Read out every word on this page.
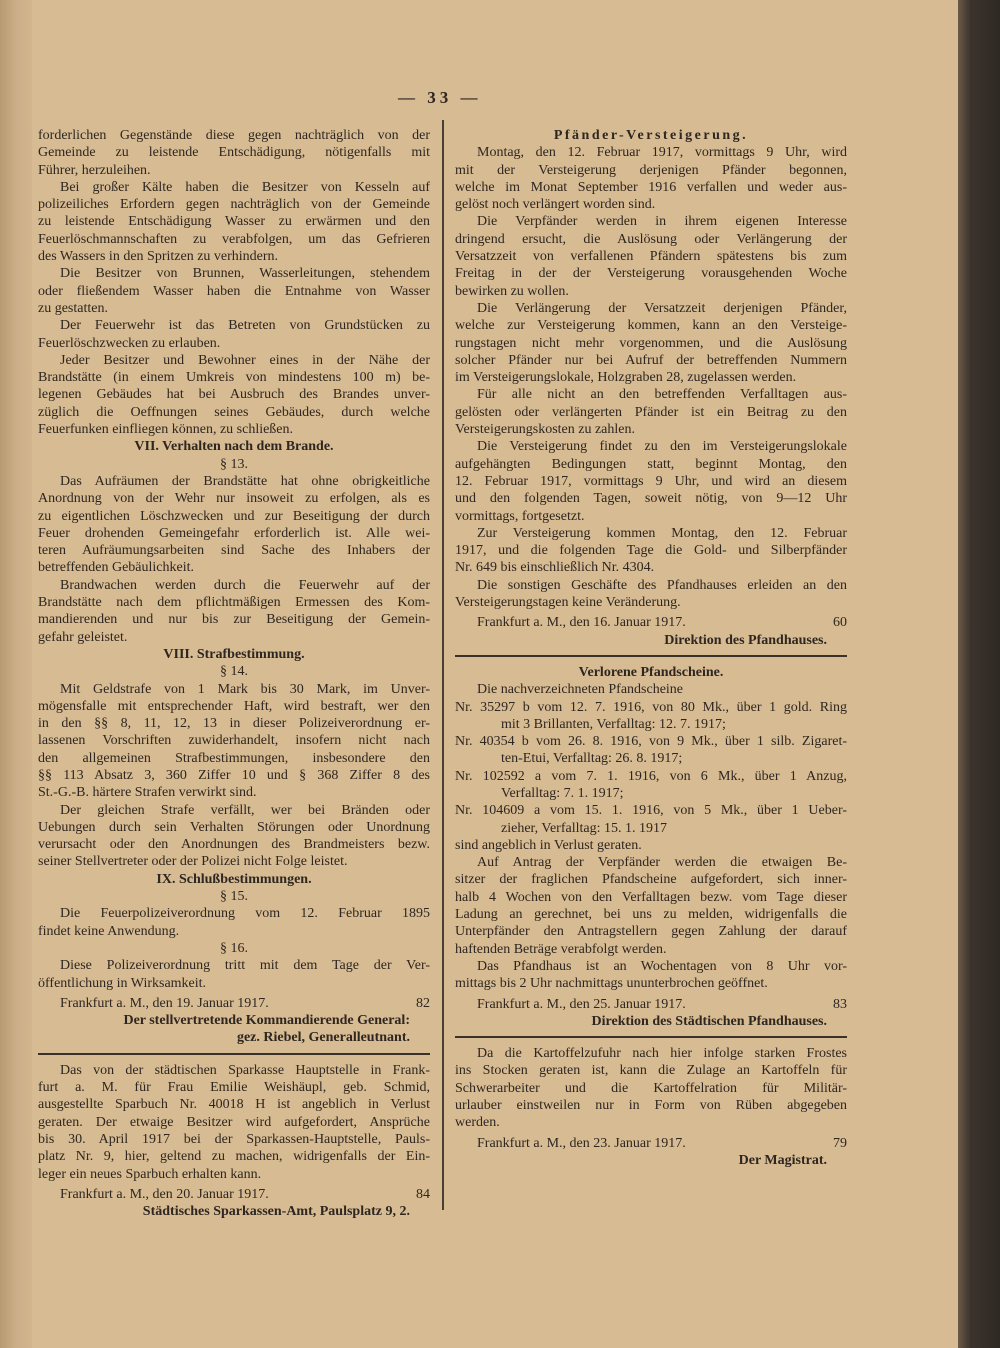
— 33 —
forderlichen Gegenstände diese gegen nachträglich von der
Gemeinde zu leistende Entschädigung, nötigenfalls mit
Führer, herzuleihen.
Bei großer Kälte haben die Besitzer von Kesseln auf
polizeiliches Erfordern gegen nachträglich von der Gemeinde
zu leistende Entschädigung Wasser zu erwärmen und den
Feuerlöschmannschaften zu verabfolgen, um das Gefrieren
des Wassers in den Spritzen zu verhindern.
Die Besitzer von Brunnen, Wasserleitungen, stehendem
oder fließendem Wasser haben die Entnahme von Wasser
zu gestatten.
Der Feuerwehr ist das Betreten von Grundstücken zu
Feuerlöschzwecken zu erlauben.
Jeder Besitzer und Bewohner eines in der Nähe der
Brandstätte (in einem Umkreis von mindestens 100 m) be-
legenen Gebäudes hat bei Ausbruch des Brandes unver-
züglich die Oeffnungen seines Gebäudes, durch welche
Feuerfunken einfliegen können, zu schließen.
VII. Verhalten nach dem Brande.
§ 13.
Das Aufräumen der Brandstätte hat ohne obrigkeitliche
Anordnung von der Wehr nur insoweit zu erfolgen, als es
zu eigentlichen Löschzwecken und zur Beseitigung der durch
Feuer drohenden Gemeingefahr erforderlich ist. Alle wei-
teren Aufräumungsarbeiten sind Sache des Inhabers der
betreffenden Gebäulichkeit.
Brandwachen werden durch die Feuerwehr auf der
Brandstätte nach dem pflichtmäßigen Ermessen des Kom-
mandierenden und nur bis zur Beseitigung der Gemein-
gefahr geleistet.
VIII. Strafbestimmung.
§ 14.
Mit Geldstrafe von 1 Mark bis 30 Mark, im Unver-
mögensfalle mit entsprechender Haft, wird bestraft, wer den
in den §§ 8, 11, 12, 13 in dieser Polizeiverordnung er-
lassenen Vorschriften zuwiderhandelt, insofern nicht nach
den allgemeinen Strafbestimmungen, insbesondere den
§§ 113 Absatz 3, 360 Ziffer 10 und § 368 Ziffer 8 des
St.-G.-B. härtere Strafen verwirkt sind.
Der gleichen Strafe verfällt, wer bei Bränden oder
Uebungen durch sein Verhalten Störungen oder Unordnung
verursacht oder den Anordnungen des Brandmeisters bezw.
seiner Stellvertreter oder der Polizei nicht Folge leistet.
IX. Schlußbestimmungen.
§ 15.
Die Feuerpolizeiverordnung vom 12. Februar 1895
findet keine Anwendung.
§ 16.
Diese Polizeiverordnung tritt mit dem Tage der Ver-
öffentlichung in Wirksamkeit.
Frankfurt a. M., den 19. Januar 1917.	82
Der stellvertretende Kommandierende General:
gez. Riebel, Generalleutnant.
Das von der städtischen Sparkasse Hauptstelle in Frank-
furt a. M. für Frau Emilie Weishäupl, geb. Schmid,
ausgestellte Sparbuch Nr. 40018 H ist angeblich in Verlust
geraten. Der etwaige Besitzer wird aufgefordert, Ansprüche
bis 30. April 1917 bei der Sparkassen-Hauptstelle, Pauls-
platz Nr. 9, hier, geltend zu machen, widrigenfalls der Ein-
leger ein neues Sparbuch erhalten kann.
Frankfurt a. M., den 20. Januar 1917.	84
Städtisches Sparkassen-Amt, Paulsplatz 9, 2.
Pfänder-Versteigerung.
Montag, den 12. Februar 1917, vormittags 9 Uhr, wird
mit der Versteigerung derjenigen Pfänder begonnen,
welche im Monat September 1916 verfallen und weder aus-
gelöst noch verlängert worden sind.
Die Verpfänder werden in ihrem eigenen Interesse
dringend ersucht, die Auslösung oder Verlängerung der
Versatzzeit von verfallenen Pfändern spätestens bis zum
Freitag in der der Versteigerung vorausgehenden Woche
bewirken zu wollen.
Die Verlängerung der Versatzzeit derjenigen Pfänder,
welche zur Versteigerung kommen, kann an den Versteige-
rungstagen nicht mehr vorgenommen, und die Auslösung
solcher Pfänder nur bei Aufruf der betreffenden Nummern
im Versteigerungslokale, Holzgraben 28, zugelassen werden.
Für alle nicht an den betreffenden Verfalltagen aus-
gelösten oder verlängerten Pfänder ist ein Beitrag zu den
Versteigerungskosten zu zahlen.
Die Versteigerung findet zu den im Versteigerungslokale
aufgehängten Bedingungen statt, beginnt Montag, den
12. Februar 1917, vormittags 9 Uhr, und wird an diesem
und den folgenden Tagen, soweit nötig, von 9—12 Uhr
vormittags, fortgesetzt.
Zur Versteigerung kommen Montag, den 12. Februar
1917, und die folgenden Tage die Gold- und Silberpfänder
Nr. 649 bis einschließlich Nr. 4304.
Die sonstigen Geschäfte des Pfandhauses erleiden an den
Versteigerungstagen keine Veränderung.
Frankfurt a. M., den 16. Januar 1917.	60
Direktion des Pfandhauses.
Verlorene Pfandscheine.
Die nachverzeichneten Pfandscheine
Nr. 35297 b vom 12. 7. 1916, von 80 Mk., über 1 gold. Ring
mit 3 Brillanten, Verfalltag: 12. 7. 1917;
Nr. 40354 b vom 26. 8. 1916, von 9 Mk., über 1 silb. Zigaret-
ten-Etui, Verfalltag: 26. 8. 1917;
Nr. 102592 a vom 7. 1. 1916, von 6 Mk., über 1 Anzug,
Verfalltag: 7. 1. 1917;
Nr. 104609 a vom 15. 1. 1916, von 5 Mk., über 1 Ueber-
zieher, Verfalltag: 15. 1. 1917
sind angeblich in Verlust geraten.
Auf Antrag der Verpfänder werden die etwaigen Be-
sitzer der fraglichen Pfandscheine aufgefordert, sich inner-
halb 4 Wochen von den Verfalltagen bezw. vom Tage dieser
Ladung an gerechnet, bei uns zu melden, widrigenfalls die
Unterpfänder den Antragstellern gegen Zahlung der darauf
haftenden Beträge verabfolgt werden.
Das Pfandhaus ist an Wochentagen von 8 Uhr vor-
mittags bis 2 Uhr nachmittags ununterbrochen geöffnet.
Frankfurt a. M., den 25. Januar 1917.	83
Direktion des Städtischen Pfandhauses.
Da die Kartoffelzufuhr nach hier infolge starken Frostes
ins Stocken geraten ist, kann die Zulage an Kartoffeln für
Schwerarbeiter und die Kartoffelration für Militär-
urlauber einstweilen nur in Form von Rüben abgegeben
werden.
Frankfurt a. M., den 23. Januar 1917.	79
Der Magistrat.
